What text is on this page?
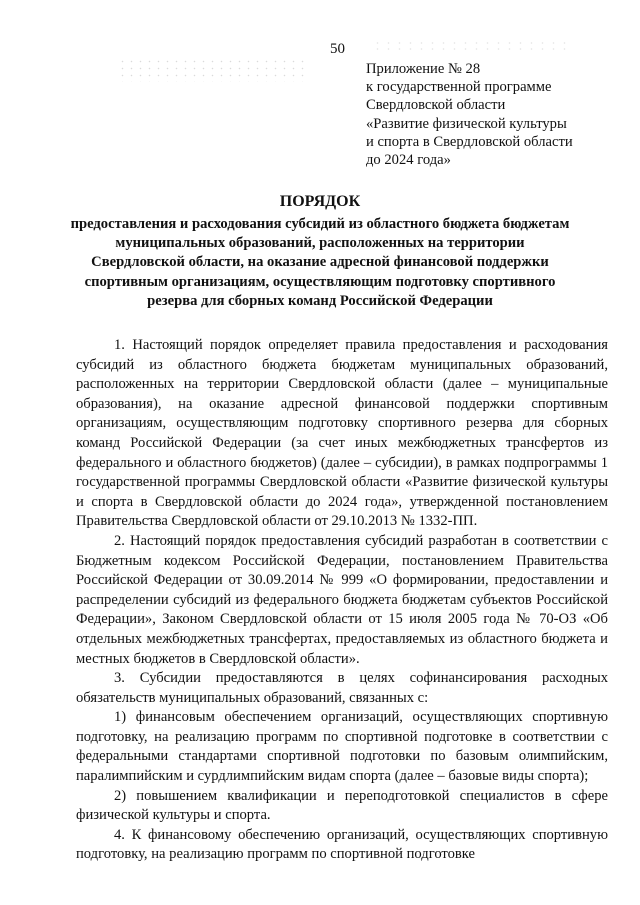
50
Приложение № 28
к государственной программе
Свердловской области
«Развитие физической культуры
и спорта в Свердловской области
до 2024 года»
ПОРЯДОК
предоставления и расходования субсидий из областного бюджета бюджетам муниципальных образований, расположенных на территории Свердловской области, на оказание адресной финансовой поддержки спортивным организациям, осуществляющим подготовку спортивного резерва для сборных команд Российской Федерации

1. Настоящий порядок определяет правила предоставления и расходования субсидий из областного бюджета бюджетам муниципальных образований, расположенных на территории Свердловской области (далее – муниципальные образования), на оказание адресной финансовой поддержки спортивным организациям, осуществляющим подготовку спортивного резерва для сборных команд Российской Федерации (за счет иных межбюджетных трансфертов из федерального и областного бюджетов) (далее – субсидии), в рамках подпрограммы 1 государственной программы Свердловской области «Развитие физической культуры и спорта в Свердловской области до 2024 года», утвержденной постановлением Правительства Свердловской области от 29.10.2013 № 1332-ПП.

2. Настоящий порядок предоставления субсидий разработан в соответствии с Бюджетным кодексом Российской Федерации, постановлением Правительства Российской Федерации от 30.09.2014 № 999 «О формировании, предоставлении и распределении субсидий из федерального бюджета бюджетам субъектов Российской Федерации», Законом Свердловской области от 15 июля 2005 года № 70-ОЗ «Об отдельных межбюджетных трансфертах, предоставляемых из областного бюджета и местных бюджетов в Свердловской области».

3. Субсидии предоставляются в целях софинансирования расходных обязательств муниципальных образований, связанных с:

1) финансовым обеспечением организаций, осуществляющих спортивную подготовку, на реализацию программ по спортивной подготовке в соответствии с федеральными стандартами спортивной подготовки по базовым олимпийским, паралимпийским и сурдлимпийским видам спорта (далее – базовые виды спорта);

2) повышением квалификации и переподготовкой специалистов в сфере физической культуры и спорта.

4. К финансовому обеспечению организаций, осуществляющих спортивную подготовку, на реализацию программ по спортивной подготовке
